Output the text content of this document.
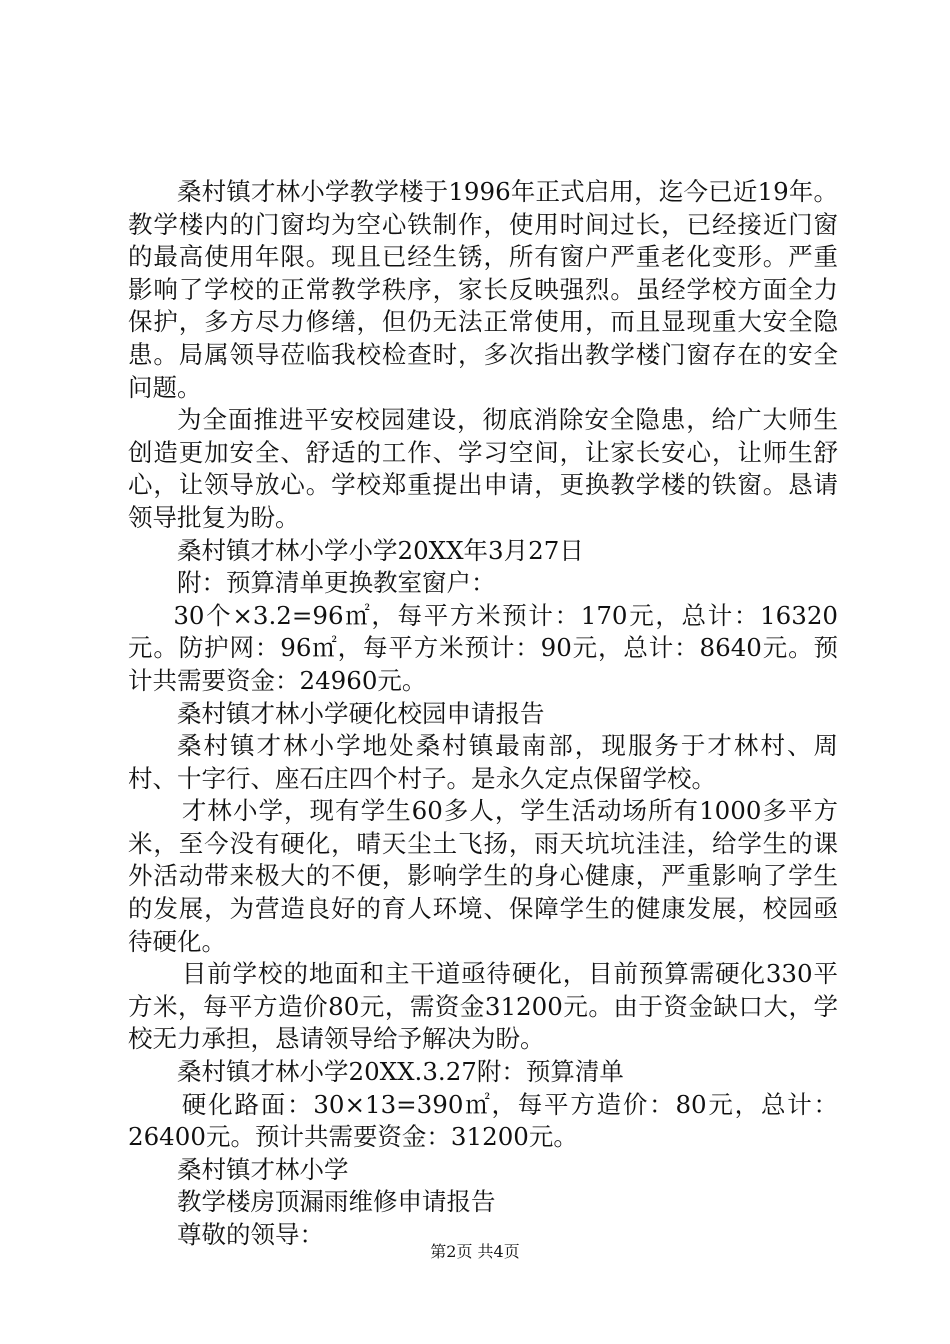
桑村镇才林小学教学楼于1996年正式启用，迄今已近19年。教学楼内的门窗均为空心铁制作，使用时间过长，已经接近门窗的最高使用年限。现且已经生锈，所有窗户严重老化变形。严重影响了学校的正常教学秩序，家长反映强烈。虽经学校方面全力保护，多方尽力修缮，但仍无法正常使用，而且显现重大安全隐患。局属领导莅临我校检查时，多次指出教学楼门窗存在的安全问题。

为全面推进平安校园建设，彻底消除安全隐患，给广大师生创造更加安全、舒适的工作、学习空间，让家长安心，让师生舒心，让领导放心。学校郑重提出申请，更换教学楼的铁窗。恳请领导批复为盼。

桑村镇才林小学小学20XX年3月27日

附：预算清单更换教室窗户：

30个×3.2=96㎡，每平方米预计：170元，总计：16320元。防护网：96㎡，每平方米预计：90元，总计：8640元。预计共需要资金：24960元。

桑村镇才林小学硬化校园申请报告

桑村镇才林小学地处桑村镇最南部，现服务于才林村、周村、十字行、座石庄四个村子。是永久定点保留学校。

才林小学，现有学生60多人，学生活动场所有1000多平方米，至今没有硬化，晴天尘土飞扬，雨天坑坑洼洼，给学生的课外活动带来极大的不便，影响学生的身心健康，严重影响了学生的发展，为营造良好的育人环境、保障学生的健康发展，校园亟待硬化。

目前学校的地面和主干道亟待硬化，目前预算需硬化330平方米，每平方造价80元，需资金31200元。由于资金缺口大，学校无力承担，恳请领导给予解决为盼。

桑村镇才林小学20XX.3.27附：预算清单

硬化路面：30×13=390㎡，每平方造价：80元，总计：26400元。预计共需要资金：31200元。

桑村镇才林小学

教学楼房顶漏雨维修申请报告

尊敬的领导：

第2页 共4页
